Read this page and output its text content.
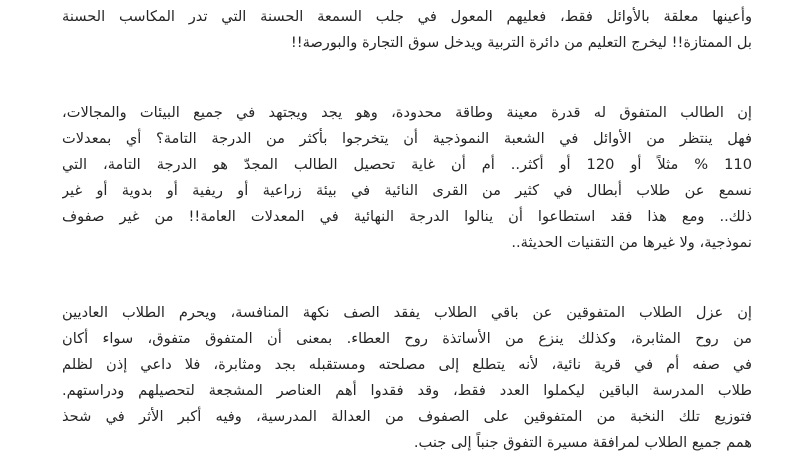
وأعينها معلقة بالأوائل فقط، فعليهم المعول في جلب السمعة الحسنة التي تدر المكاسب الحسنة
بل الممتازة!! ليخرج التعليم من دائرة التربية ويدخل سوق التجارة والبورصة!!
إن الطالب المتفوق له قدرة معينة وطاقة محدودة، وهو يجد ويجتهد في جميع البيئات والمجالات،
فهل ينتظر من الأوائل في الشعبة النموذجية أن يتخرجوا بأكثر من الدرجة التامة؟ أي بمعدلات
110 % مثلاً أو 120 أو أكثر.. أم أن غاية تحصيل الطالب المجدّ هو الدرجة التامة، التي
نسمع عن طلاب أبطال في كثير من القرى النائية في بيئة زراعية أو ريفية أو بدوية أو غير
ذلك.. ومع هذا فقد استطاعوا أن ينالوا الدرجة النهائية في المعدلات العامة!! من غير صفوف
نموذجية، ولا غيرها من التقنيات الحديثة..
إن عزل الطلاب المتفوقين عن باقي الطلاب يفقد الصف نكهة المنافسة، ويحرم الطلاب العاديين
من روح المثابرة، وكذلك ينزع من الأساتذة روح العطاء. بمعنى أن المتفوق متفوق، سواء أكان
في صفه أم في قرية نائية، لأنه يتطلع إلى مصلحته ومستقبله بجد ومثابرة، فلا داعي إذن لظلم
طلاب المدرسة الباقين ليكملوا العدد فقط، وقد فقدوا أهم العناصر المشجعة لتحصيلهم ودراستهم.
فتوزيع تلك النخبة من المتفوقين على الصفوف من العدالة المدرسية، وفيه أكبر الأثر في شحذ
همم جميع الطلاب لمرافقة مسيرة التفوق جنباً إلى جنب.
